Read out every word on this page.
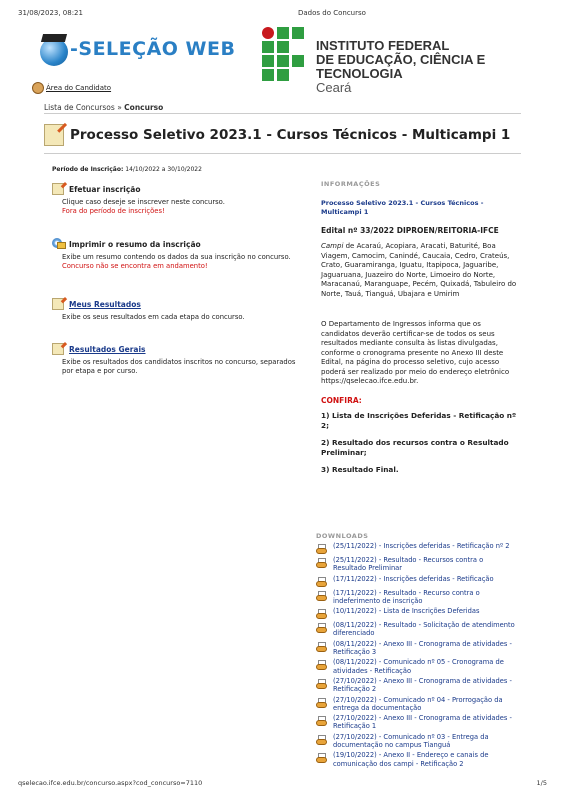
31/08/2023, 08:21	Dados do Concurso
-SELEÇÃO WEB
Área do Candidato
INSTITUTO FEDERAL
DE EDUCAÇÃO, CIÊNCIA E TECNOLOGIA
Ceará
Lista de Concursos » Concurso
Processo Seletivo 2023.1 - Cursos Técnicos - Multicampi 1
Período de Inscrição: 14/10/2022 a 30/10/2022
Efetuar inscrição
Clique caso deseje se inscrever neste concurso.
Fora do período de inscrições!
Imprimir o resumo da inscrição
Exibe um resumo contendo os dados da sua inscrição no concurso.
Concurso não se encontra em andamento!
Meus Resultados
Exibe os seus resultados em cada etapa do concurso.
Resultados Gerais
Exibe os resultados dos candidatos inscritos no concurso, separados por etapa e por curso.
INFORMAÇÕES
Processo Seletivo 2023.1 - Cursos Técnicos - Multicampi 1
Edital nº 33/2022 DIPROEN/REITORIA-IFCE
Campi de Acaraú, Acopiara, Aracati, Baturité, Boa Viagem, Camocim, Canindé, Caucaia, Cedro, Crateús, Crato, Guaramiranga, Iguatu, Itapipoca, Jaguaribe, Jaguaruana, Juazeiro do Norte, Limoeiro do Norte, Maracanaú, Maranguape, Pecém, Quixadá, Tabuleiro do Norte, Tauá, Tianguá, Ubajara e Umirim
O Departamento de Ingressos informa que os candidatos deverão certificar-se de todos os seus resultados mediante consulta às listas divulgadas, conforme o cronograma presente no Anexo III deste Edital, na página do processo seletivo, cujo acesso poderá ser realizado por meio do endereço eletrônico https://qselecao.ifce.edu.br.
CONFIRA:
1) Lista de Inscrições Deferidas - Retificação nº 2;
2) Resultado dos recursos contra o Resultado Preliminar;
3) Resultado Final.
DOWNLOADS
(25/11/2022) - Inscrições deferidas - Retificação nº 2
(25/11/2022) - Resultado - Recursos contra o Resultado Preliminar
(17/11/2022) - Inscrições deferidas - Retificação
(17/11/2022) - Resultado - Recurso contra o indeferimento de inscrição
(10/11/2022) - Lista de Inscrições Deferidas
(08/11/2022) - Resultado - Solicitação de atendimento diferenciado
(08/11/2022) - Anexo III - Cronograma de atividades - Retificação 3
(08/11/2022) - Comunicado nº 05 - Cronograma de atividades - Retificação
(27/10/2022) - Anexo III - Cronograma de atividades - Retificação 2
(27/10/2022) - Comunicado nº 04 - Prorrogação da entrega da documentação
(27/10/2022) - Anexo III - Cronograma de atividades - Retificação 1
(27/10/2022) - Comunicado nº 03 - Entrega da documentação no campus Tianguá
(19/10/2022) - Anexo II - Endereço e canais de comunicação dos campi - Retificação 2
qselecao.ifce.edu.br/concurso.aspx?cod_concurso=7110	1/5
